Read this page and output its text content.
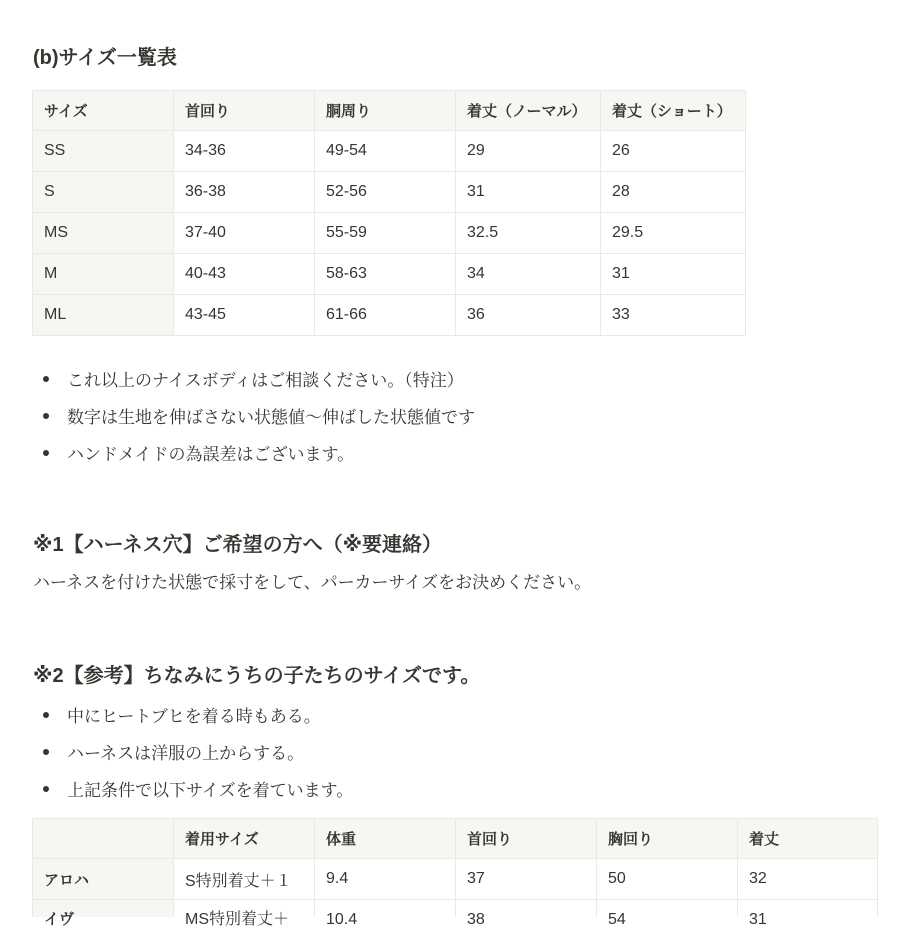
(b)サイズ一覧表
サイズ	首回り	胴周り	着丈（ノーマル）	着丈（ショート）
SS	34-36	49-54	29	26
S	36-38	52-56	31	28
MS	37-40	55-59	32.5	29.5
M	40-43	58-63	34	31
ML	43-45	61-66	36	33
これ以上のナイスボディはご相談ください。（特注）
数字は生地を伸ばさない状態値〜伸ばした状態値です
ハンドメイドの為誤差はございます。
※1【ハーネス穴】ご希望の方へ（※要連絡）
ハーネスを付けた状態で採寸をして、パーカーサイズをお決めください。
※2【参考】ちなみにうちの子たちのサイズです。
中にヒートブヒを着る時もある。
ハーネスは洋服の上からする。
上記条件で以下サイズを着ています。
	着用サイズ	体重	首回り	胸回り	着丈
アロハ	S特別着丈＋１	9.4	37	50	32

イヴ	MS特別着丈＋	10.4	38	54	31
